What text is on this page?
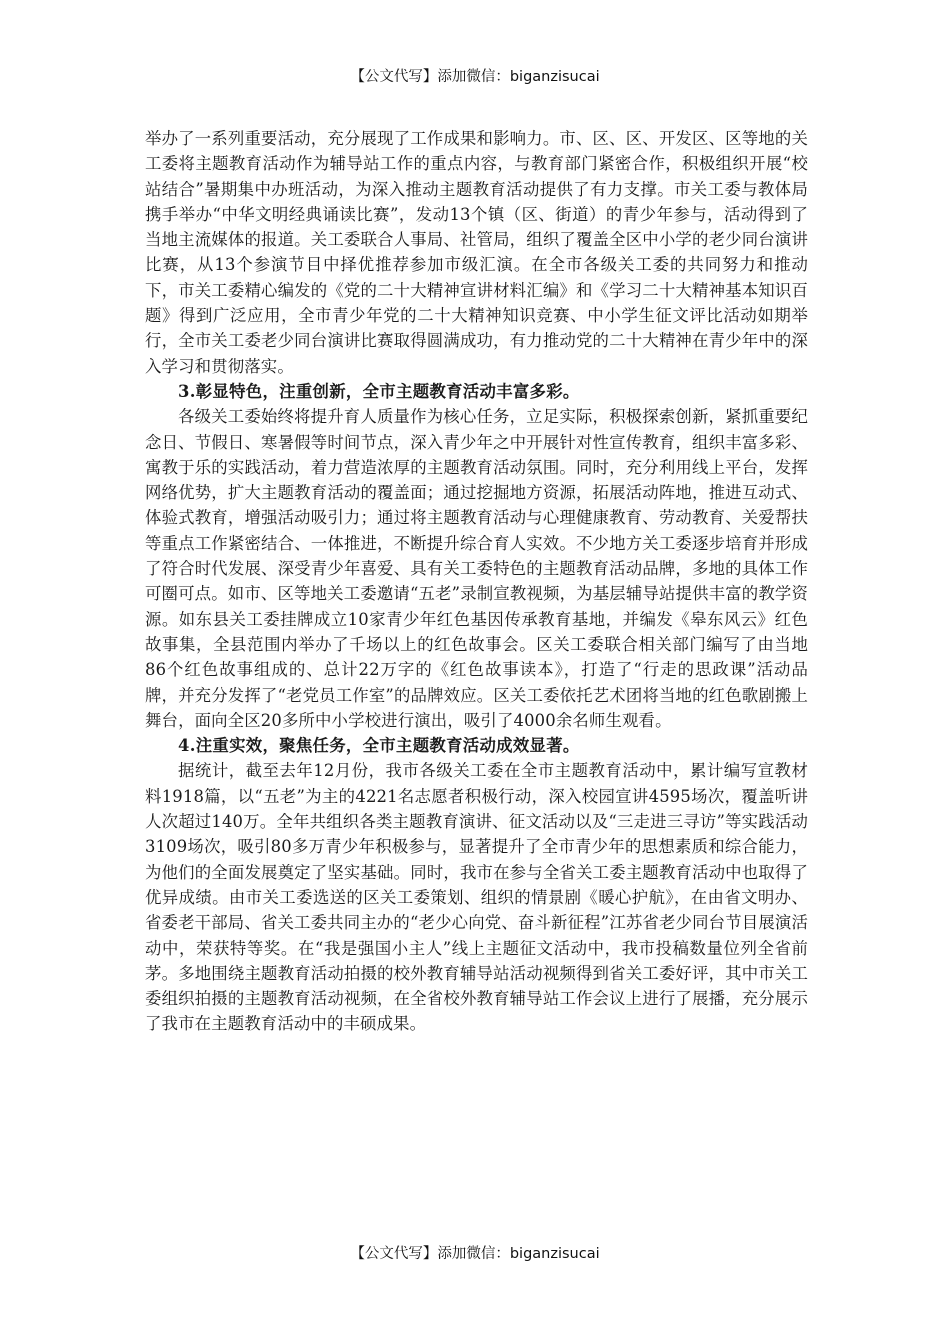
【公文代写】添加微信：biganzisucai

举办了一系列重要活动，充分展现了工作成果和影响力。市、区、区、开发区、区等地的关工委将主题教育活动作为辅导站工作的重点内容，与教育部门紧密合作，积极组织开展“校站结合”暑期集中办班活动，为深入推动主题教育活动提供了有力支撑。市关工委与教体局携手举办“中华文明经典诵读比赛”，发动13个镇（区、街道）的青少年参与，活动得到了当地主流媒体的报道。关工委联合人事局、社管局，组织了覆盖全区中小学的老少同台演讲比赛，从13个参演节目中择优推荐参加市级汇演。在全市各级关工委的共同努力和推动下，市关工委精心编发的《党的二十大精神宣讲材料汇编》和《学习二十大精神基本知识百题》得到广泛应用，全市青少年党的二十大精神知识竞赛、中小学生征文评比活动如期举行，全市关工委老少同台演讲比赛取得圆满成功，有力推动党的二十大精神在青少年中的深入学习和贯彻落实。

3.彰显特色，注重创新，全市主题教育活动丰富多彩。

各级关工委始终将提升育人质量作为核心任务，立足实际，积极探索创新，紧抓重要纪念日、节假日、寒暑假等时间节点，深入青少年之中开展针对性宣传教育，组织丰富多彩、寓教于乐的实践活动，着力营造浓厚的主题教育活动氛围。同时，充分利用线上平台，发挥网络优势，扩大主题教育活动的覆盖面；通过挖掘地方资源，拓展活动阵地，推进互动式、体验式教育，增强活动吸引力；通过将主题教育活动与心理健康教育、劳动教育、关爱帮扶等重点工作紧密结合、一体推进，不断提升综合育人实效。不少地方关工委逐步培育并形成了符合时代发展、深受青少年喜爱、具有关工委特色的主题教育活动品牌，多地的具体工作可圈可点。如市、区等地关工委邀请“五老”录制宣教视频，为基层辅导站提供丰富的教学资源。如东县关工委挂牌成立10家青少年红色基因传承教育基地，并编发《皋东风云》红色故事集，全县范围内举办了千场以上的红色故事会。区关工委联合相关部门编写了由当地86个红色故事组成的、总计22万字的《红色故事读本》，打造了“行走的思政课”活动品牌，并充分发挥了“老党员工作室”的品牌效应。区关工委依托艺术团将当地的红色歌剧搬上舞台，面向全区20多所中小学校进行演出，吸引了4000余名师生观看。

4.注重实效，聚焦任务，全市主题教育活动成效显著。

据统计，截至去年12月份，我市各级关工委在全市主题教育活动中，累计编写宣教材料1918篇，以“五老”为主的4221名志愿者积极行动，深入校园宣讲4595场次，覆盖听讲人次超过140万。全年共组织各类主题教育演讲、征文活动以及“三走进三寻访”等实践活动3109场次，吸引80多万青少年积极参与，显著提升了全市青少年的思想素质和综合能力，为他们的全面发展奠定了坚实基础。同时，我市在参与全省关工委主题教育活动中也取得了优异成绩。由市关工委选送的区关工委策划、组织的情景剧《暖心护航》，在由省文明办、省委老干部局、省关工委共同主办的“老少心向党、奋斗新征程”江苏省老少同台节目展演活动中，荣获特等奖。在“我是强国小主人”线上主题征文活动中，我市投稿数量位列全省前茅。多地围绕主题教育活动拍摄的校外教育辅导站活动视频得到省关工委好评，其中市关工委组织拍摄的主题教育活动视频，在全省校外教育辅导站工作会议上进行了展播，充分展示了我市在主题教育活动中的丰硕成果。

【公文代写】添加微信：biganzisucai
